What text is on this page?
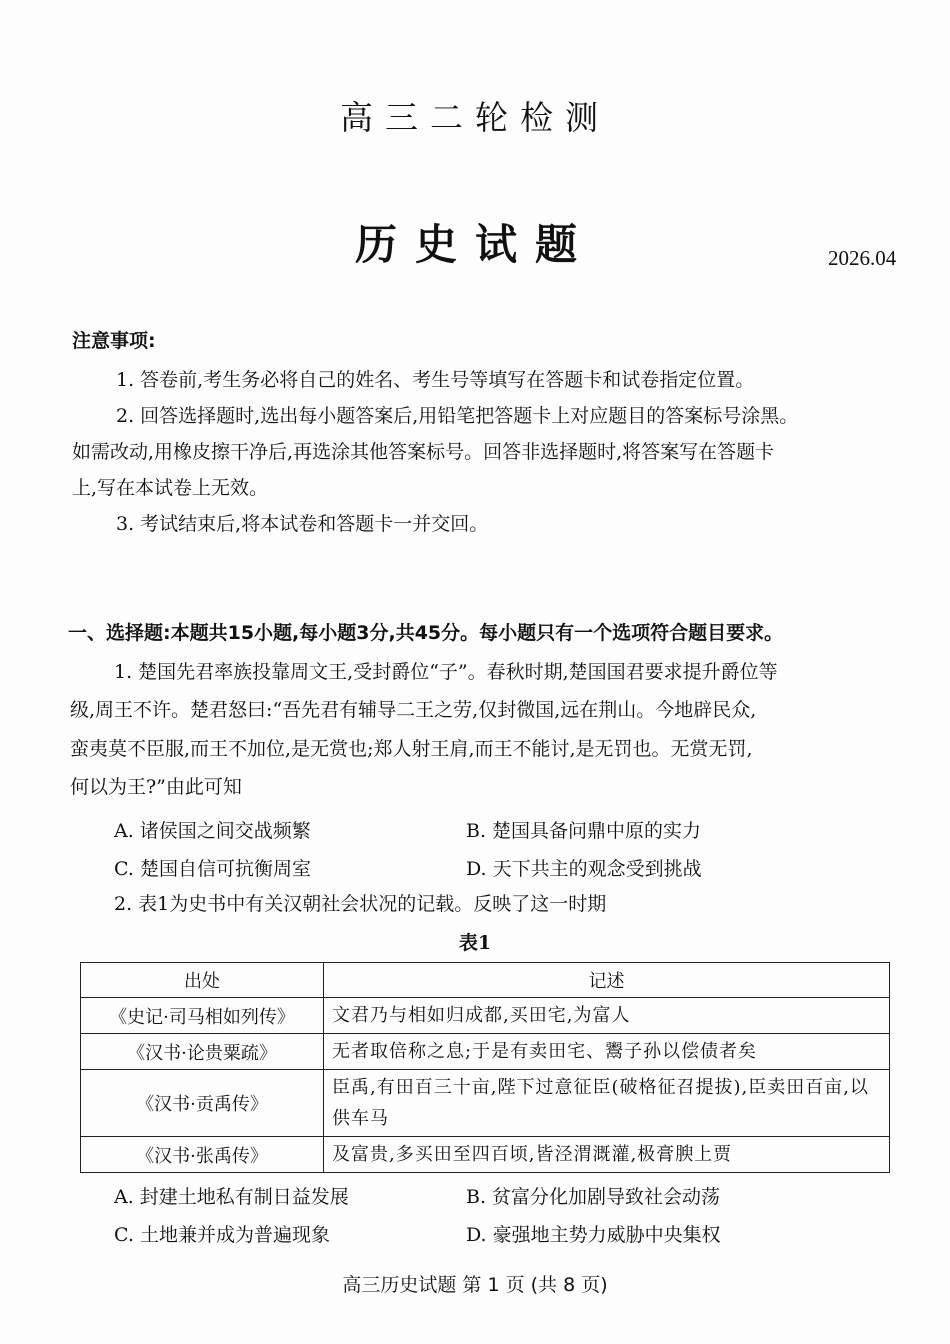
高三二轮检测
历史试题	2026.04
注意事项:
1. 答卷前,考生务必将自己的姓名、考生号等填写在答题卡和试卷指定位置。
2. 回答选择题时,选出每小题答案后,用铅笔把答题卡上对应题目的答案标号涂黑。
如需改动,用橡皮擦干净后,再选涂其他答案标号。回答非选择题时,将答案写在答题卡
上,写在本试卷上无效。
3. 考试结束后,将本试卷和答题卡一并交回。
一、选择题:本题共15小题,每小题3分,共45分。每小题只有一个选项符合题目要求。
1. 楚国先君率族投靠周文王,受封爵位“子”。春秋时期,楚国国君要求提升爵位等
级,周王不许。楚君怒曰:“吾先君有辅导二王之劳,仅封微国,远在荆山。今地辟民众,
蛮夷莫不臣服,而王不加位,是无赏也;郑人射王肩,而王不能讨,是无罚也。无赏无罚,
何以为王?”由此可知
A. 诸侯国之间交战频繁	B. 楚国具备问鼎中原的实力
C. 楚国自信可抗衡周室	D. 天下共主的观念受到挑战
2. 表1为史书中有关汉朝社会状况的记载。反映了这一时期
表1
出处	记述
《史记·司马相如列传》	文君乃与相如归成都,买田宅,为富人
《汉书·论贵粟疏》	无者取倍称之息;于是有卖田宅、鬻子孙以偿债者矣
《汉书·贡禹传》	臣禹,有田百三十亩,陛下过意征臣(破格征召提拔),臣卖田百亩,以供车马
《汉书·张禹传》	及富贵,多买田至四百顷,皆泾渭溉灌,极膏腴上贾
A. 封建土地私有制日益发展	B. 贫富分化加剧导致社会动荡
C. 土地兼并成为普遍现象	D. 豪强地主势力威胁中央集权
高三历史试题 第 1 页 (共 8 页)
